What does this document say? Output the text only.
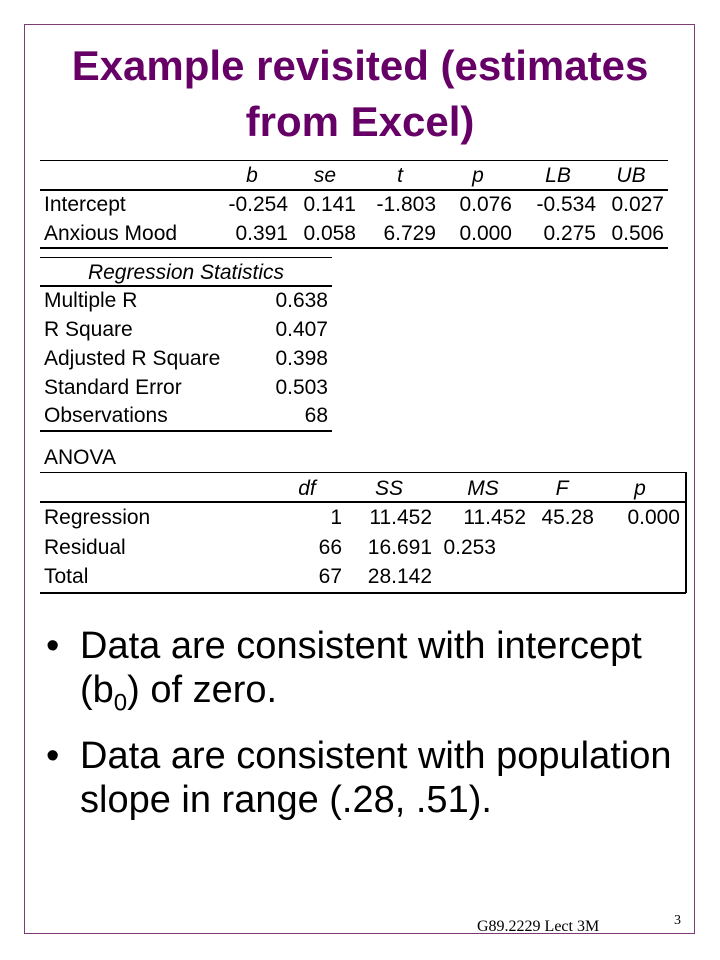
Example revisited (estimates
from Excel)
b	se	t	p	LB	UB
Intercept	-0.254 0.141 -1.803	0.076	-0.534 0.027
Anxious Mood	0.391 0.058	6.729	0.000	0.275 0.506
Regression Statistics
Multiple R	0.638
R Square	0.407
Adjusted R Square	0.398
Standard Error	0.503
Observations	68
ANOVA
df	SS	MS	F	p
Regression	1	11.452	11.452 45.28	0.000
Residual	66	16.691 0.253
Total	67	28.142
• Data are consistent with intercept $(b_0)$ of zero.
• Data are consistent with population slope in range (.28, .51).
G89.2229 Lect 3M	3
